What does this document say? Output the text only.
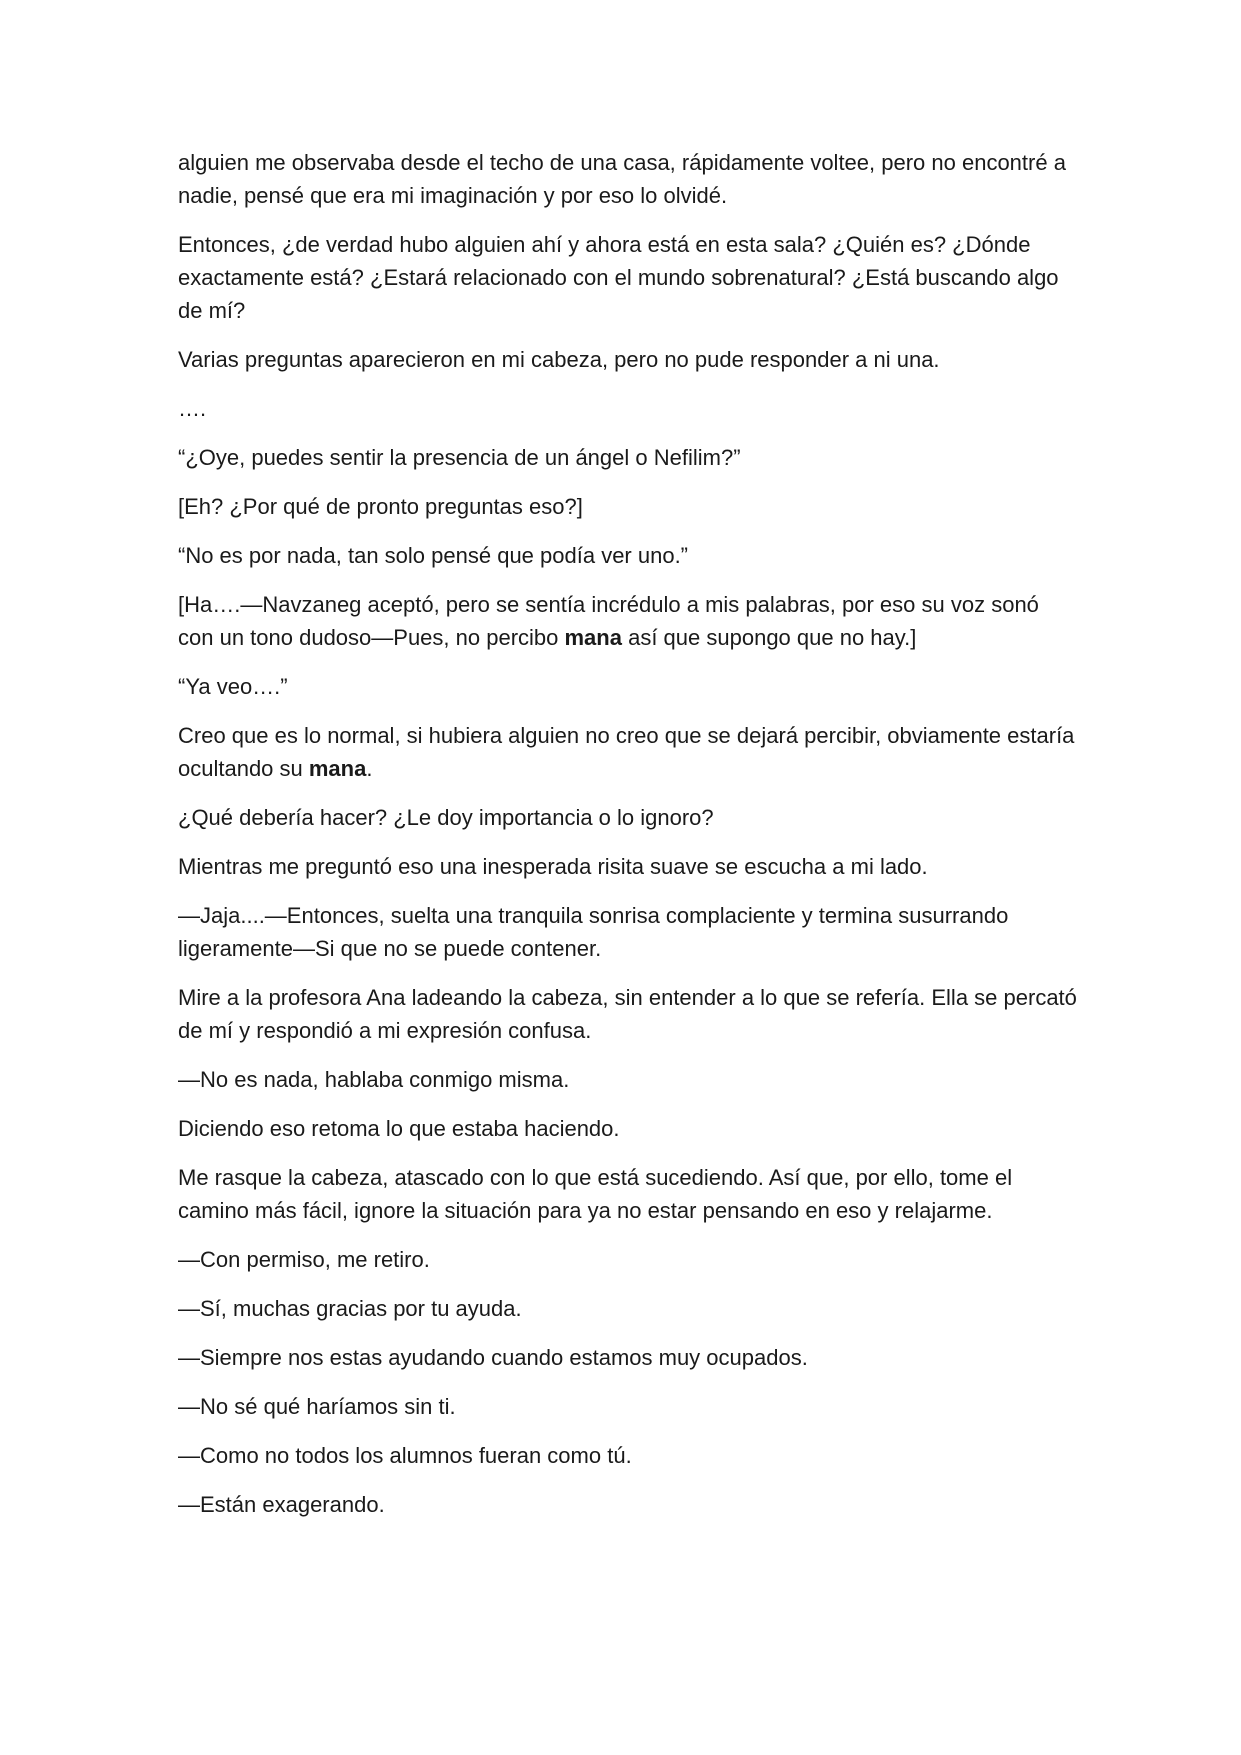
alguien me observaba desde el techo de una casa, rápidamente voltee, pero no encontré a nadie, pensé que era mi imaginación y por eso lo olvidé.

Entonces, ¿de verdad hubo alguien ahí y ahora está en esta sala? ¿Quién es? ¿Dónde exactamente está? ¿Estará relacionado con el mundo sobrenatural? ¿Está buscando algo de mí?

Varias preguntas aparecieron en mi cabeza, pero no pude responder a ni una.

….

“¿Oye, puedes sentir la presencia de un ángel o Nefilim?”

[Eh? ¿Por qué de pronto preguntas eso?]

“No es por nada, tan solo pensé que podía ver uno.”

[Ha….—Navzaneg aceptó, pero se sentía incrédulo a mis palabras, por eso su voz sonó con un tono dudoso—Pues, no percibo mana así que supongo que no hay.]

“Ya veo….”

Creo que es lo normal, si hubiera alguien no creo que se dejará percibir, obviamente estaría ocultando su mana.

¿Qué debería hacer? ¿Le doy importancia o lo ignoro?

Mientras me preguntó eso una inesperada risita suave se escucha a mi lado.

—Jaja....—Entonces, suelta una tranquila sonrisa complaciente y termina susurrando ligeramente—Si que no se puede contener.

Mire a la profesora Ana ladeando la cabeza, sin entender a lo que se refería. Ella se percató de mí y respondió a mi expresión confusa.

—No es nada, hablaba conmigo misma.

Diciendo eso retoma lo que estaba haciendo.

Me rasque la cabeza, atascado con lo que está sucediendo. Así que, por ello, tome el camino más fácil, ignore la situación para ya no estar pensando en eso y relajarme.

—Con permiso, me retiro.

—Sí, muchas gracias por tu ayuda.

—Siempre nos estas ayudando cuando estamos muy ocupados.

—No sé qué haríamos sin ti.

—Como no todos los alumnos fueran como tú.

—Están exagerando.
